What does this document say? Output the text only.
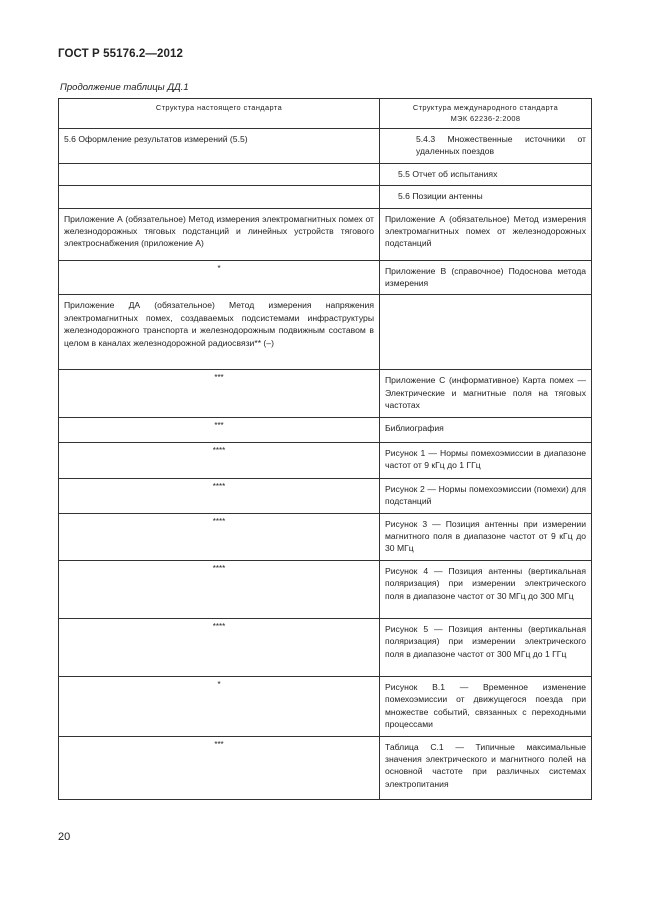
ГОСТ Р 55176.2—2012
Продолжение таблицы ДД.1
Структура настоящего стандарта	Структура международного стандарта
МЭК 62236-2:2008
5.6 Оформление результатов измерений (5.5)	5.4.3 Множественные источники от удаленных поездов
	5.5 Отчет об испытаниях
	5.6 Позиции антенны
Приложение А (обязательное) Метод измерения электромагнитных помех от железнодорожных тяговых подстанций и линейных устройств тягового электроснабжения (приложение А)	Приложение А (обязательное) Метод измерения электромагнитных помех от железнодорожных подстанций
*	Приложение В (справочное) Подоснова метода измерения
Приложение ДА (обязательное) Метод измерения напряжения электромагнитных помех, создаваемых подсистемами инфраструктуры железнодорожного транспорта и железнодорожным подвижным составом в целом в каналах железнодорожной радиосвязи** (–)	
***	Приложение С (информативное) Карта помех — Электрические и магнитные поля на тяговых частотах
***	Библиография
****	Рисунок 1 — Нормы помехоэмиссии в диапазоне частот от 9 кГц до 1 ГГц
****	Рисунок 2 — Нормы помехоэмиссии (помехи) для подстанций
****	Рисунок 3 — Позиция антенны при измерении магнитного поля в диапазоне частот от 9 кГц до 30 МГц
****	Рисунок 4 — Позиция антенны (вертикальная поляризация) при измерении электрического поля в диапазоне частот от 30 МГц до 300 МГц
****	Рисунок 5 — Позиция антенны (вертикальная поляризация) при измерении электрического поля в диапазоне частот от 300 МГц до 1 ГГц
*	Рисунок В.1 — Временное изменение помехоэмиссии от движущегося поезда при множестве событий, связанных с переходными процессами
***	Таблица С.1 — Типичные максимальные значения электрического и магнитного полей на основной частоте при различных системах электропитания
20
